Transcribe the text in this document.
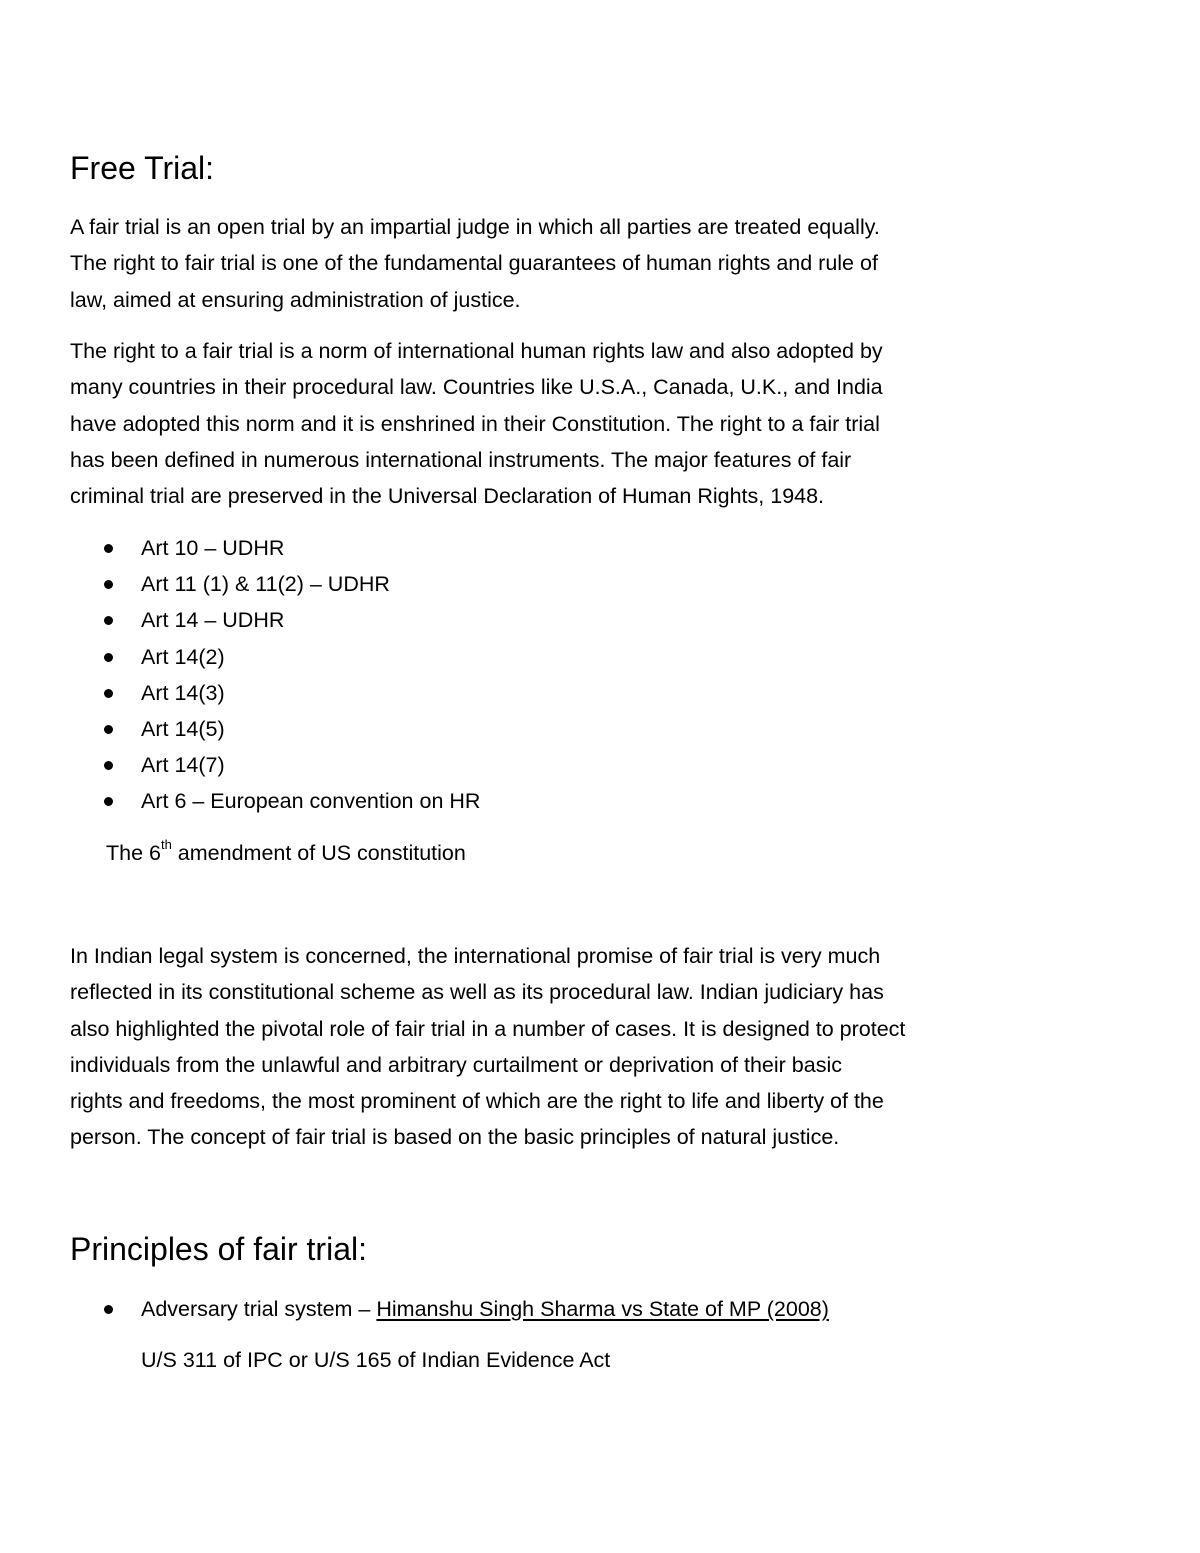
Free Trial:

A fair trial is an open trial by an impartial judge in which all parties are treated equally.
The right to fair trial is one of the fundamental guarantees of human rights and rule of
law, aimed at ensuring administration of justice.

The right to a fair trial is a norm of international human rights law and also adopted by
many countries in their procedural law. Countries like U.S.A., Canada, U.K., and India
have adopted this norm and it is enshrined in their Constitution. The right to a fair trial
has been defined in numerous international instruments. The major features of fair
criminal trial are preserved in the Universal Declaration of Human Rights, 1948.

Art 10 – UDHR
Art 11 (1) & 11(2) – UDHR
Art 14 – UDHR
Art 14(2)
Art 14(3)
Art 14(5)
Art 14(7)
Art 6 – European convention on HR

The 6th amendment of US constitution

In Indian legal system is concerned, the international promise of fair trial is very much
reflected in its constitutional scheme as well as its procedural law. Indian judiciary has
also highlighted the pivotal role of fair trial in a number of cases. It is designed to protect
individuals from the unlawful and arbitrary curtailment or deprivation of their basic
rights and freedoms, the most prominent of which are the right to life and liberty of the
person. The concept of fair trial is based on the basic principles of natural justice.

Principles of fair trial:
Adversary trial system – Himanshu Singh Sharma vs State of MP (2008)

U/S 311 of IPC or U/S 165 of Indian Evidence Act
